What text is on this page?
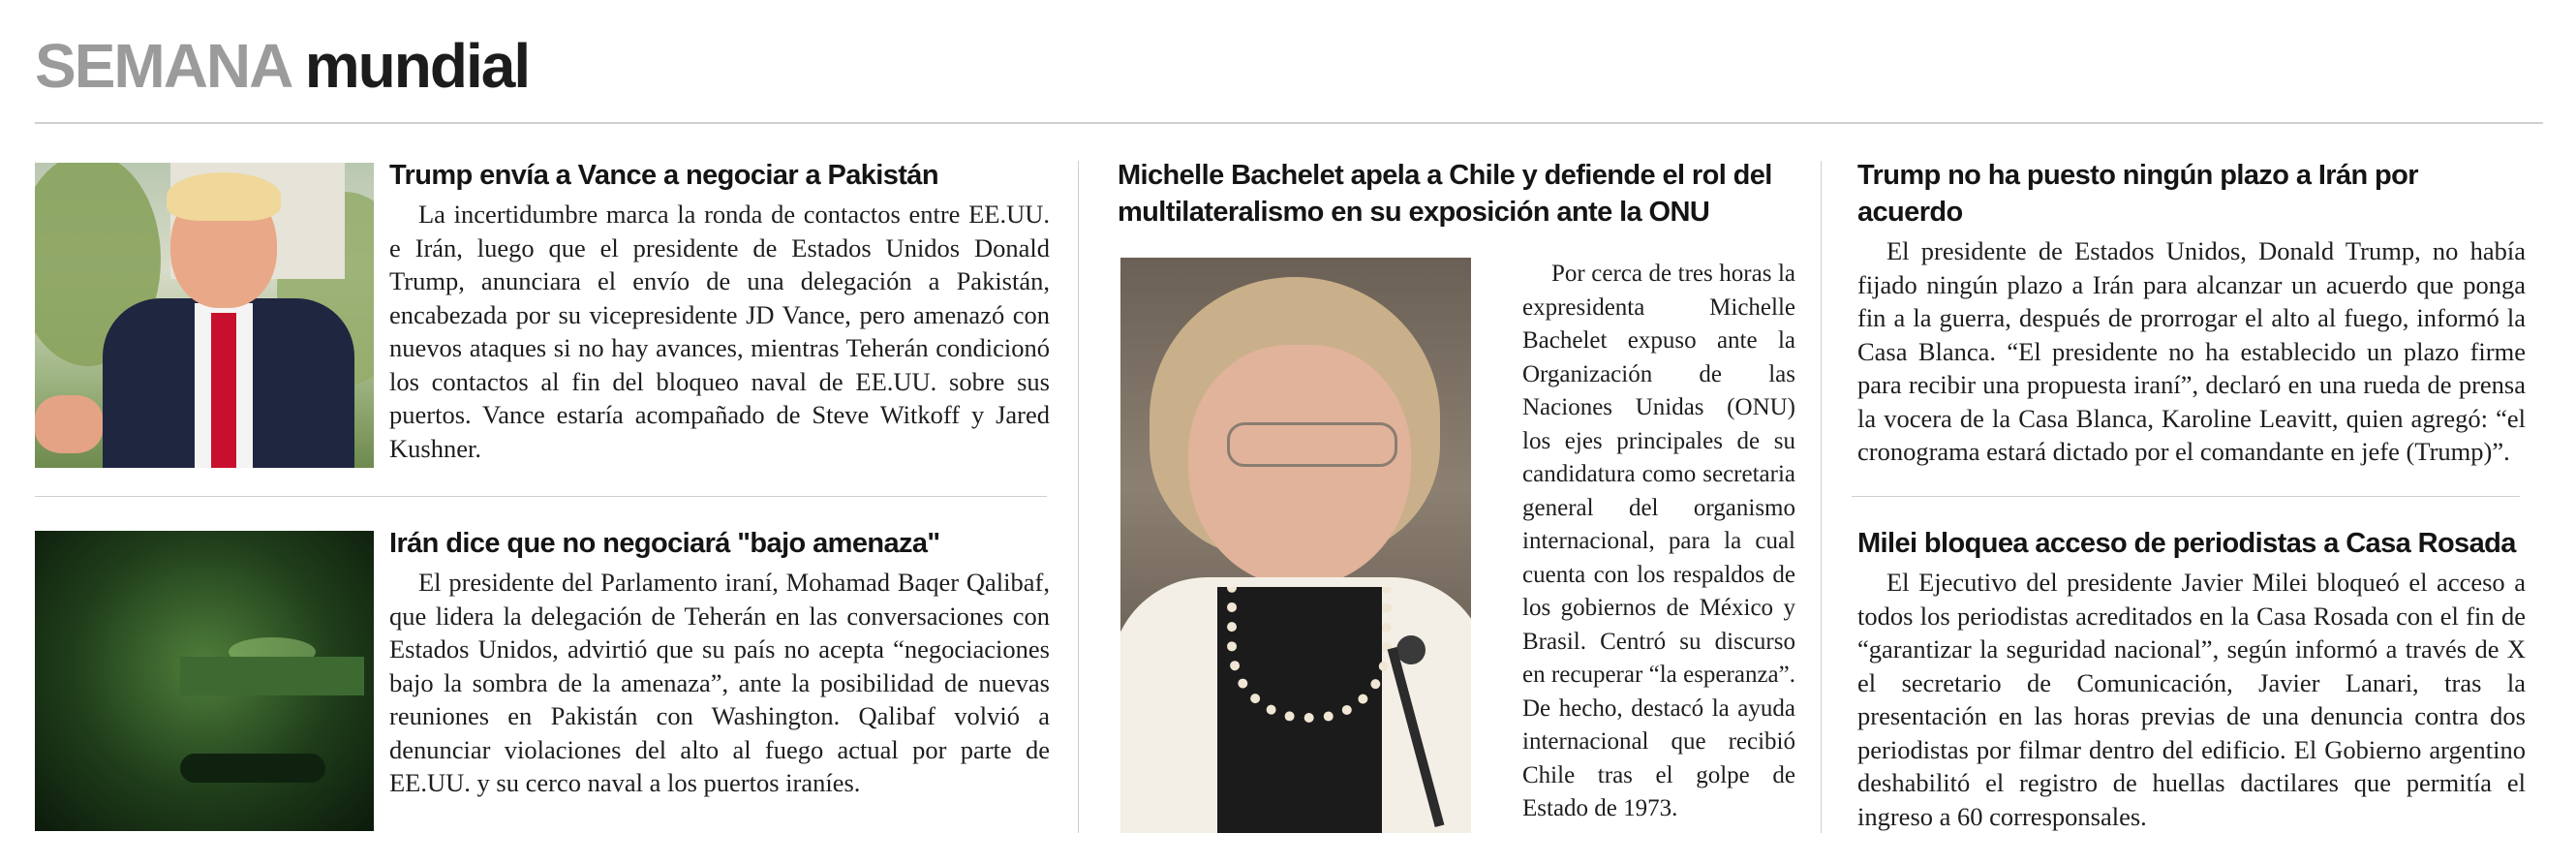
SEMANA mundial
Trump envía a Vance a negociar a Pakistán

La incertidumbre marca la ronda de contactos entre EE.UU. e Irán, luego que el presidente de Estados Unidos Donald Trump, anunciara el envío de una delegación a Pakistán, encabezada por su vicepresidente JD Vance, pero amenazó con nuevos ataques si no hay avances, mientras Teherán condicionó los contactos al fin del bloqueo naval de EE.UU. sobre sus puertos. Vance estaría acompañado de Steve Witkoff y Jared Kushner.

Irán dice que no negociará "bajo amenaza"

El presidente del Parlamento iraní, Mohamad Baqer Qalibaf, que lidera la delegación de Teherán en las conversaciones con Estados Unidos, advirtió que su país no acepta “negociaciones bajo la sombra de la amenaza”, ante la posibilidad de nuevas reuniones en Pakistán con Washington. Qalibaf volvió a denunciar violaciones del alto al fuego actual por parte de EE.UU. y su cerco naval a los puertos iraníes.

Michelle Bachelet apela a Chile y defiende el rol del multilateralismo en su exposición ante la ONU

Por cerca de tres horas la expresidenta Michelle Bachelet expuso ante la Organización de las Naciones Unidas (ONU) los ejes principales de su candidatura como secretaria general del organismo internacional, para la cual cuenta con los respaldos de los gobiernos de México y Brasil. Centró su discurso en recuperar “la esperanza”. De hecho, destacó la ayuda internacional que recibió Chile tras el golpe de Estado de 1973.

Trump no ha puesto ningún plazo a Irán por acuerdo

El presidente de Estados Unidos, Donald Trump, no había fijado ningún plazo a Irán para alcanzar un acuerdo que ponga fin a la guerra, después de prorrogar el alto al fuego, informó la Casa Blanca. “El presidente no ha establecido un plazo firme para recibir una propuesta iraní”, declaró en una rueda de prensa la vocera de la Casa Blanca, Karoline Leavitt, quien agregó: “el cronograma estará dictado por el comandante en jefe (Trump)”.

Milei bloquea acceso de periodistas a Casa Rosada

El Ejecutivo del presidente Javier Milei bloqueó el acceso a todos los periodistas acreditados en la Casa Rosada con el fin de “garantizar la seguridad nacional”, según informó a través de X el secretario de Comunicación, Javier Lanari, tras la presentación en las horas previas de una denuncia contra dos periodistas por filmar dentro del edificio. El Gobierno argentino deshabilitó el registro de huellas dactilares que permitía el ingreso a 60 corresponsales.
